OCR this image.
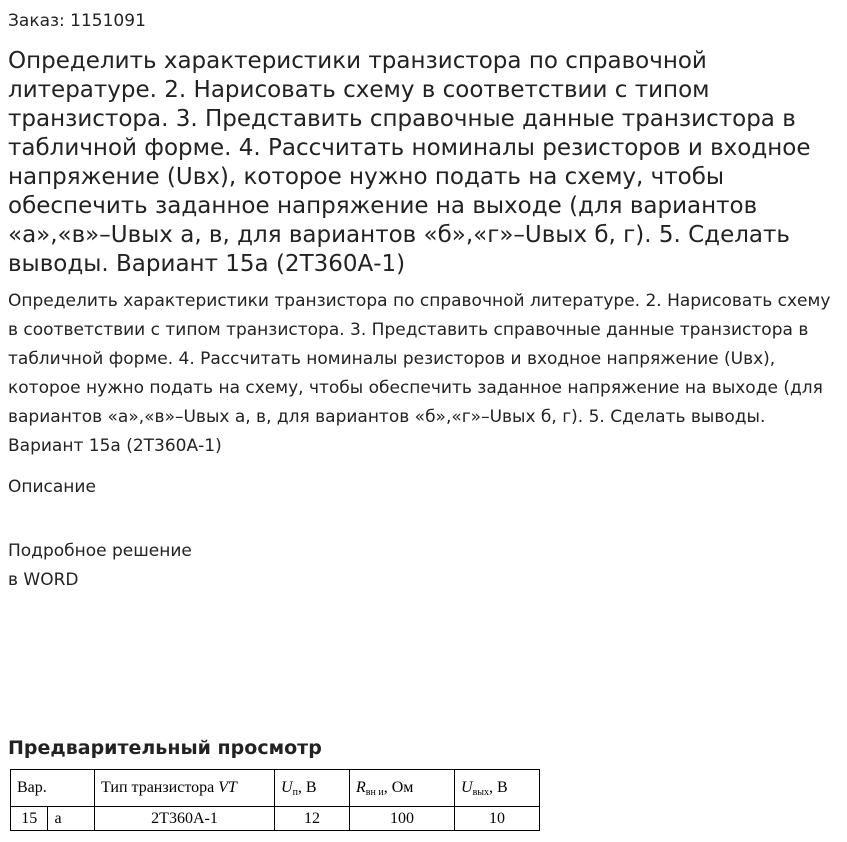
Заказ: 1151091
Определить характеристики транзистора по справочной литературе. 2. Нарисовать схему в соответствии с типом транзистора. 3. Представить справочные данные транзистора в табличной форме. 4. Рассчитать номиналы резисторов и входное напряжение (Uвх), которое нужно подать на схему, чтобы обеспечить заданное напряжение на выходе (для вариантов «а»,«в»–Uвых а, в, для вариантов «б»,«г»–Uвых б, г). 5. Сделать выводы. Вариант 15а (2Т360А-1)
Определить характеристики транзистора по справочной литературе. 2. Нарисовать схему в соответствии с типом транзистора. 3. Представить справочные данные транзистора в табличной форме. 4. Рассчитать номиналы резисторов и входное напряжение (Uвх), которое нужно подать на схему, чтобы обеспечить заданное напряжение на выходе (для вариантов «а»,«в»–Uвых а, в, для вариантов «б»,«г»–Uвых б, г). 5. Сделать выводы. Вариант 15а (2Т360А-1)
Описание
Подробное решение
в WORD
Предварительный просмотр
Вар.		Тип транзистора VT	$U_п$, В	$R_{вн и}$, Ом	$U_{вых}$, В
15	а	2Т360А-1	12	100	10
